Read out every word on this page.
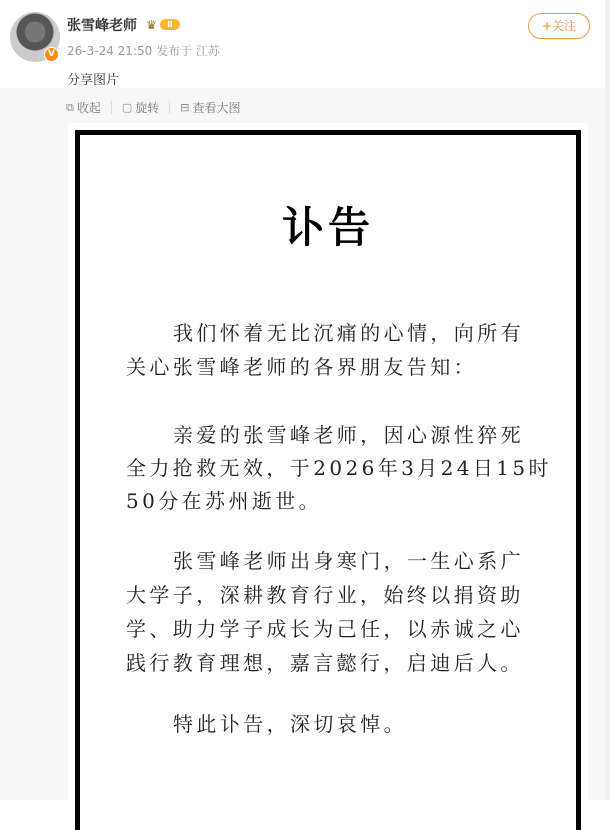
V
张雪峰老师 ♛	Ⅱ
26-3-24 21:50 发布于 江苏
分享图片
+关注
⧉ 收起 ▢ 旋转 ⊟ 查看大图
讣告
我们怀着无比沉痛的心情，向所有
关心张雪峰老师的各界朋友告知：
亲爱的张雪峰老师，因心源性猝死
全力抢救无效，于2026年3月24日15时
50分在苏州逝世。
张雪峰老师出身寒门，一生心系广
大学子，深耕教育行业，始终以捐资助
学、助力学子成长为己任，以赤诚之心
践行教育理想，嘉言懿行，启迪后人。
特此讣告，深切哀悼。
